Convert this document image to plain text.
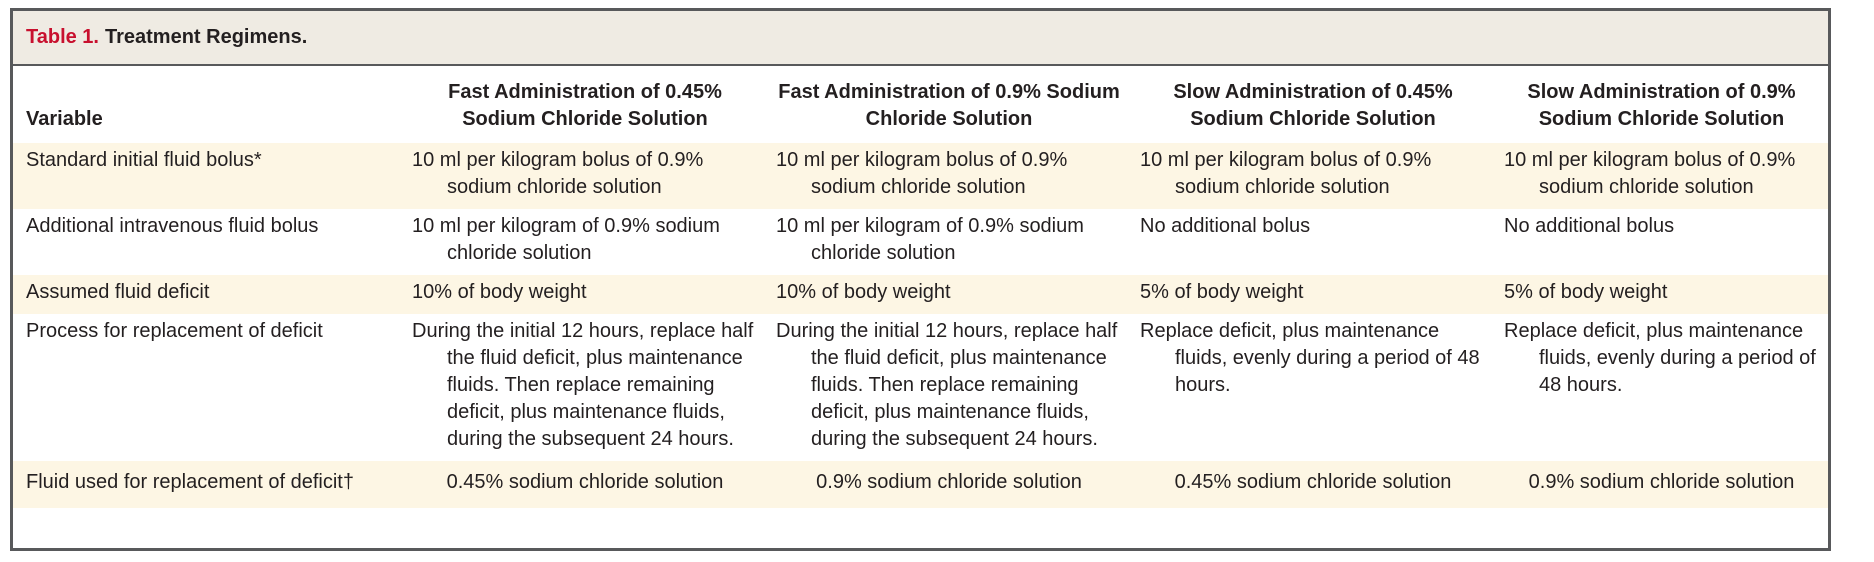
Table 1. Treatment Regimens.
Variable	Fast Administration of 0.45% Sodium Chloride Solution	Fast Administration of 0.9% Sodium Chloride Solution	Slow Administration of 0.45% Sodium Chloride Solution	Slow Administration of 0.9% Sodium Chloride Solution
Standard initial fluid bolus*	10 ml per kilogram bolus of 0.9% sodium chloride solution	10 ml per kilogram bolus of 0.9% sodium chloride solution	10 ml per kilogram bolus of 0.9% sodium chloride solution	10 ml per kilogram bolus of 0.9% sodium chloride solution
Additional intravenous fluid bolus	10 ml per kilogram of 0.9% sodium chloride solution	10 ml per kilogram of 0.9% sodium chloride solution	No additional bolus	No additional bolus
Assumed fluid deficit	10% of body weight	10% of body weight	5% of body weight	5% of body weight
Process for replacement of deficit	During the initial 12 hours, replace half the fluid deficit, plus maintenance fluids. Then replace remaining deficit, plus maintenance fluids, during the subsequent 24 hours.	During the initial 12 hours, replace half the fluid deficit, plus maintenance fluids. Then replace remaining deficit, plus maintenance fluids, during the subsequent 24 hours.	Replace deficit, plus maintenance fluids, evenly during a period of 48 hours.	Replace deficit, plus maintenance fluids, evenly during a period of 48 hours.
Fluid used for replacement of deficit†	0.45% sodium chloride solution	0.9% sodium chloride solution	0.45% sodium chloride solution	0.9% sodium chloride solution
